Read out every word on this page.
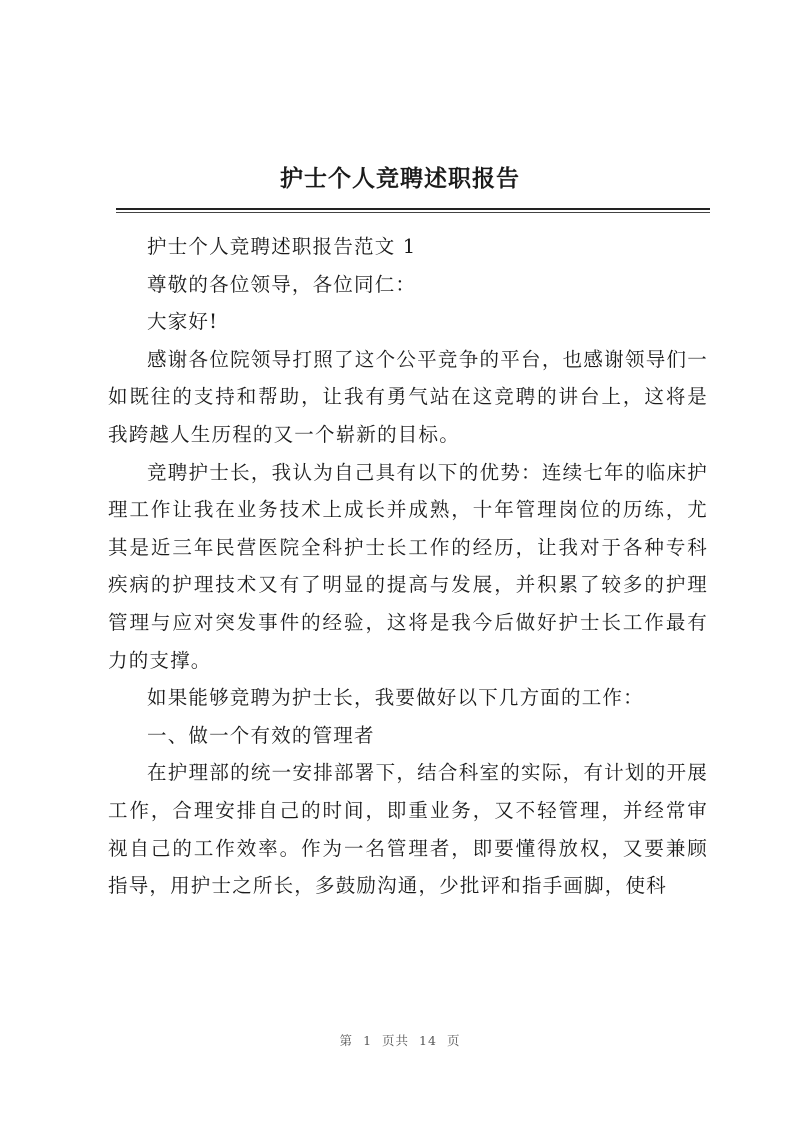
护士个人竞聘述职报告

护士个人竞聘述职报告范文 1

尊敬的各位领导，各位同仁：

大家好!

感谢各位院领导打照了这个公平竞争的平台，也感谢领导们一如既往的支持和帮助，让我有勇气站在这竞聘的讲台上，这将是我跨越人生历程的又一个崭新的目标。

竞聘护士长，我认为自己具有以下的优势：连续七年的临床护理工作让我在业务技术上成长并成熟，十年管理岗位的历练，尤其是近三年民营医院全科护士长工作的经历，让我对于各种专科疾病的护理技术又有了明显的提高与发展，并积累了较多的护理管理与应对突发事件的经验，这将是我今后做好护士长工作最有力的支撑。

如果能够竞聘为护士长，我要做好以下几方面的工作：

一、做一个有效的管理者

在护理部的统一安排部署下，结合科室的实际，有计划的开展工作，合理安排自己的时间，即重业务，又不轻管理，并经常审视自己的工作效率。作为一名管理者，即要懂得放权，又要兼顾指导，用护士之所长，多鼓励沟通，少批评和指手画脚，使科

第 1 页共 14 页
